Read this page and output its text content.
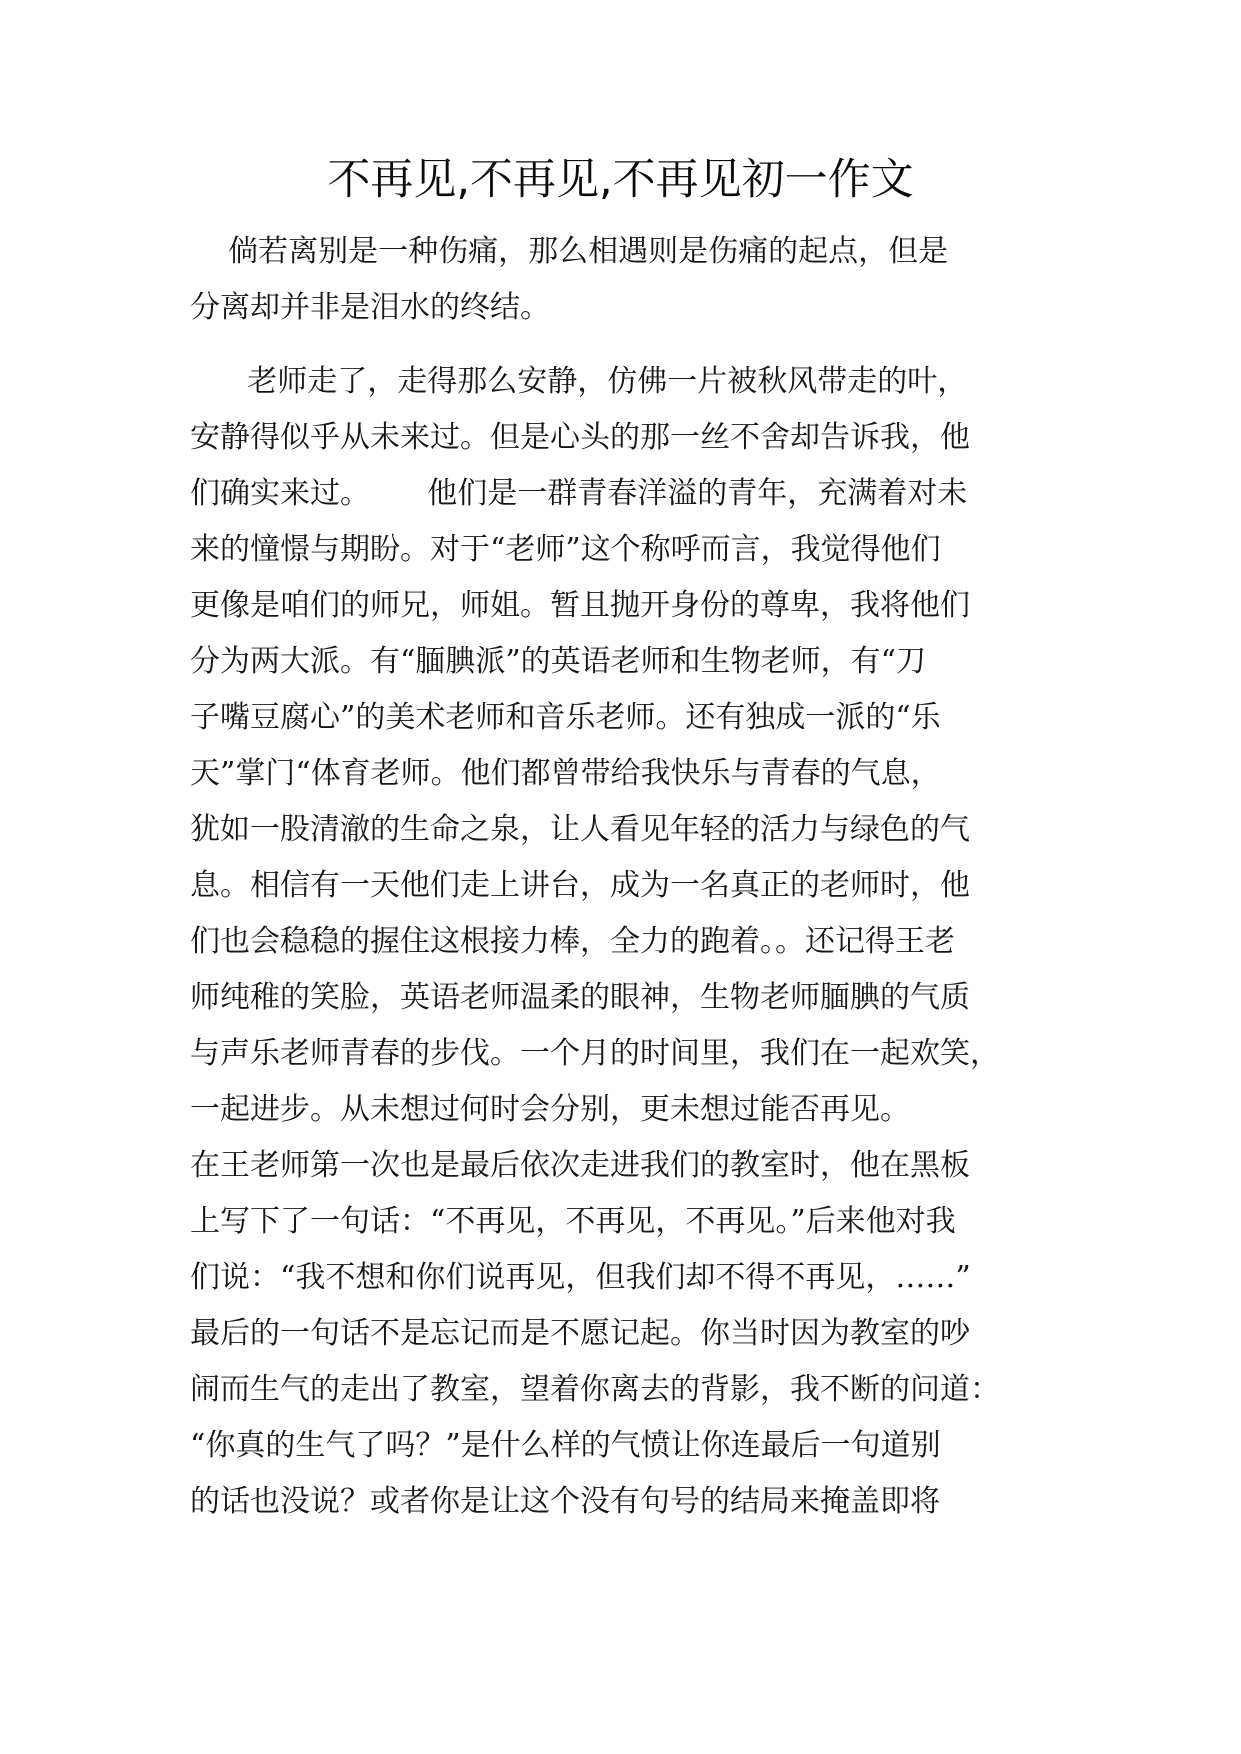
不再见,不再见,不再见初一作文
倘若离别是一种伤痛，那么相遇则是伤痛的起点，但是
分离却并非是泪水的终结。
老师走了，走得那么安静，仿佛一片被秋风带走的叶，
安静得似乎从未来过。但是心头的那一丝不舍却告诉我，他
们确实来过。      他们是一群青春洋溢的青年，充满着对未
来的憧憬与期盼。对于“老师”这个称呼而言，我觉得他们
更像是咱们的师兄，师姐。暂且抛开身份的尊卑，我将他们
分为两大派。有“腼腆派”的英语老师和生物老师，有“刀
子嘴豆腐心”的美术老师和音乐老师。还有独成一派的“乐
天”掌门“体育老师。他们都曾带给我快乐与青春的气息，
犹如一股清澈的生命之泉，让人看见年轻的活力与绿色的气
息。相信有一天他们走上讲台，成为一名真正的老师时，他
们也会稳稳的握住这根接力棒，全力的跑着。。还记得王老
师纯稚的笑脸，英语老师温柔的眼神，生物老师腼腆的气质
与声乐老师青春的步伐。一个月的时间里，我们在一起欢笑，
一起进步。从未想过何时会分别，更未想过能否再见。
在王老师第一次也是最后依次走进我们的教室时，他在黑板
上写下了一句话：“不再见，不再见，不再见。”后来他对我
们说：“我不想和你们说再见，但我们却不得不再见，……”
最后的一句话不是忘记而是不愿记起。你当时因为教室的吵
闹而生气的走出了教室，望着你离去的背影，我不断的问道：
“你真的生气了吗？”是什么样的气愤让你连最后一句道别
的话也没说？或者你是让这个没有句号的结局来掩盖即将
